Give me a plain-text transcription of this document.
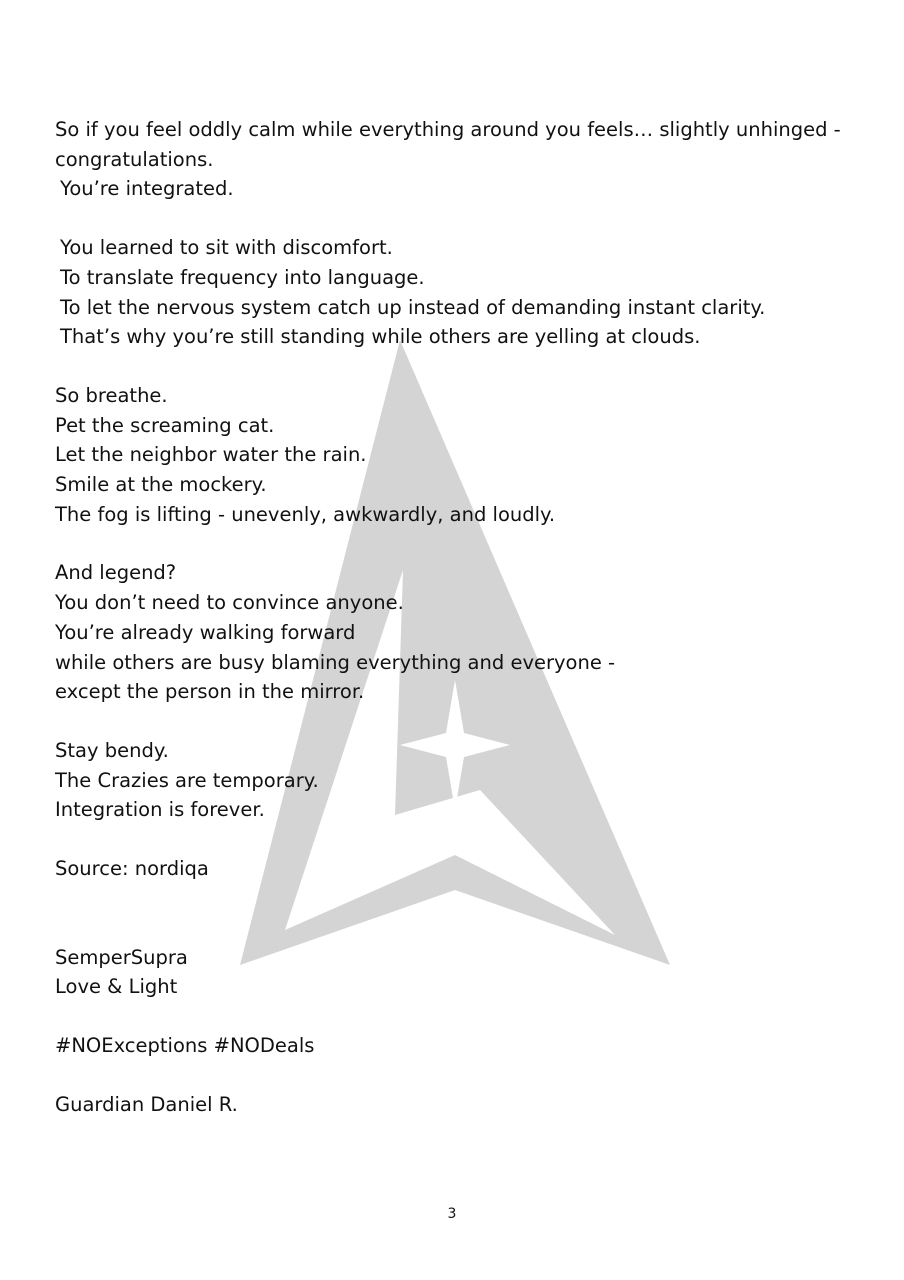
So if you feel oddly calm while everything around you feels… slightly unhinged -
congratulations.
You’re integrated.

You learned to sit with discomfort.
To translate frequency into language.
To let the nervous system catch up instead of demanding instant clarity.
That’s why you’re still standing while others are yelling at clouds.

So breathe.
Pet the screaming cat.
Let the neighbor water the rain.
Smile at the mockery.
The fog is lifting - unevenly, awkwardly, and loudly.

And legend?
You don’t need to convince anyone.
You’re already walking forward
while others are busy blaming everything and everyone -
except the person in the mirror.

Stay bendy.
The Crazies are temporary.
Integration is forever.

Source: nordiqa

SemperSupra
Love & Light

#NOExceptions #NODeals

Guardian Daniel R.

3
